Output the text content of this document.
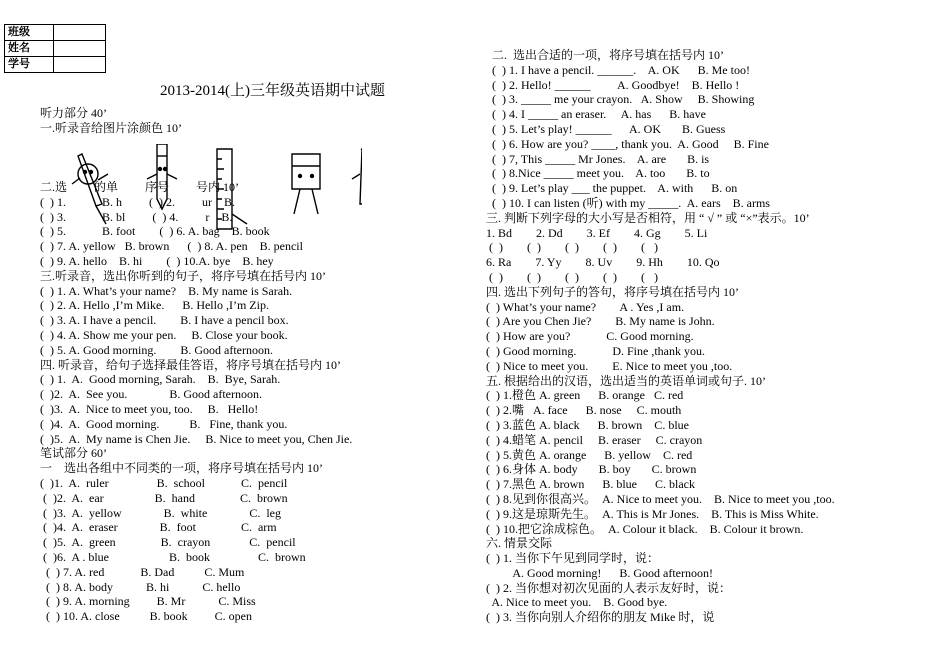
班级	
姓名	
学号	
2013-2014(上)三年级英语期中试题
听力部分 40’
一.听录音给图片涂颜色 10’
二.选         的单         序号         号内 10’
(  ) 1.            B. h         (  ) 2.         ur    B.
(  ) 3.            B. bl         (  ) 4.         r    B.
(  ) 5.            B. foot        (  ) 6. A. bag    B. book
(  ) 7. A. yellow   B. brown      (  ) 8. A. pen    B. pencil
(  ) 9. A. hello    B. hi        (  ) 10.A. bye    B. hey
三.听录音，选出你听到的句子，将序号填在括号内 10’
(  ) 1. A. What’s your name?    B. My name is Sarah.
(  ) 2. A. Hello ,I’m Mike.      B. Hello ,I’m Zip.
(  ) 3. A. I have a pencil.        B. I have a pencil box.
(  ) 4. A. Show me your pen.     B. Close your book.
(  ) 5. A. Good morning.        B. Good afternoon.
四. 听录音，给句子选择最佳答语，将序号填在括号内 10’
(  ) 1.  A.  Good morning, Sarah.    B.  Bye, Sarah.
(  )2.  A.  See you.              B. Good afternoon.
(  )3.  A.  Nice to meet you, too.     B.   Hello!
(  )4.  A.  Good morning.          B.   Fine, thank you.
(  )5.  A.  My name is Chen Jie.     B. Nice to meet you, Chen Jie.
笔试部分 60’
一    选出各组中不同类的一项，将序号填在括号内 10’
(  )1.  A.  ruler                B.  school            C.  pencil
(  )2.  A.  ear                 B.  hand               C.  brown
(  )3.  A.  yellow              B.  white              C.  leg
(  )4.  A.  eraser              B.  foot               C.  arm
(  )5.  A.  green               B.  crayon             C.  pencil
(  )6.  A . blue                    B.  book                C.  brown
(  ) 7. A. red            B. Dad          C. Mum
(  ) 8. A. body           B. hi           C. hello
(  ) 9. A. morning         B. Mr           C. Miss
(  ) 10. A. close          B. book         C. open
二.  选出合适的一项，将序号填在括号内 10’
(  ) 1. I have a pencil. ______.    A. OK      B. Me too!
(  ) 2. Hello! ______         A. Goodbye!    B. Hello !
(  ) 3. _____ me your crayon.   A. Show     B. Showing
(  ) 4. I _____ an eraser.     A. has      B. have
(  ) 5. Let’s play! ______      A. OK       B. Guess
(  ) 6. How are you? ____, thank you.  A. Good     B. Fine
(  ) 7, This _____ Mr Jones.    A. are       B. is
(  ) 8.Nice _____ meet you.    A. too       B. to
(  ) 9. Let’s play ___ the puppet.    A. with      B. on
(  ) 10. I can listen (听) with my _____.  A. ears    B. arms
三. 判断下列字母的大小写是否相符，用 “ √ ” 或 “×”表示。10’
1. Bd        2. Dd        3. Ef        4. Gg        5. Li
(  )        (  )        (  )        (  )        (   )
6. Ra        7. Yy        8. Uv        9. Hh        10. Qo
(  )        (  )        (  )        (  )        (   )
四. 选出下列句子的答句，将序号填在括号内 10’
(  ) What’s your name?        A . Yes ,I am.
(  ) Are you Chen Jie?        B. My name is John.
(  ) How are you?            C. Good morning.
(  ) Good morning.            D. Fine ,thank you.
(  ) Nice to meet you.        E. Nice to meet you ,too.
五. 根据给出的汉语，选出适当的英语单词或句子. 10’
(  ) 1.橙色 A. green      B. orange   C. red
(  ) 2.嘴   A. face      B. nose     C. mouth
(  ) 3.蓝色 A. black      B. brown    C. blue
(  ) 4.蜡笔 A. pencil     B. eraser     C. crayon
(  ) 5.黄色 A. orange      B. yellow    C. red
(  ) 6.身体 A. body       B. boy       C. brown
(  ) 7.黑色 A. brown      B. blue      C. black
(  ) 8.见到你很高兴。  A. Nice to meet you.    B. Nice to meet you ,too.
(  ) 9.这是琼斯先生。  A. This is Mr Jones.    B. This is Miss White.
(  ) 10.把它涂成棕色。  A. Colour it black.    B. Colour it brown.
六. 情景交际
(  ) 1. 当你下午见到同学时，说：
A. Good morning!      B. Good afternoon!
(  ) 2. 当你想对初次见面的人表示友好时，说：
A. Nice to meet you.    B. Good bye.
(  ) 3. 当你向别人介绍你的朋友 Mike 时，说
